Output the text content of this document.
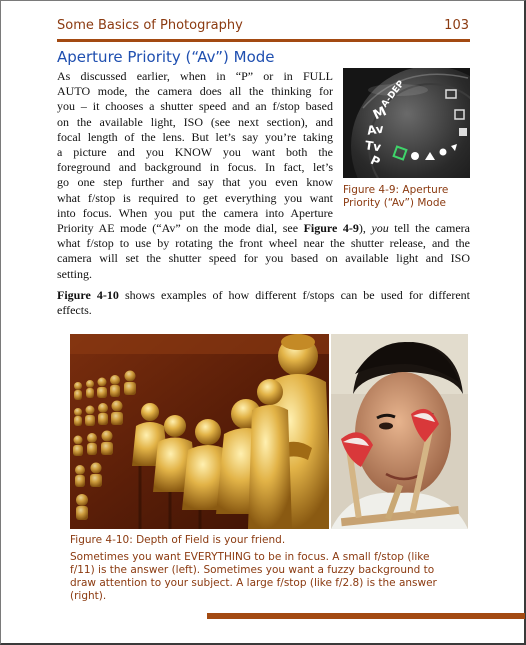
Some Basics of Photography	103
Aperture Priority (“Av”) Mode
As discussed earlier, when in “P” or in FULL
AUTO mode, the camera does all the thinking for
you – it chooses a shutter speed and an f/stop based
on the available light, ISO (see next section), and
focal length of the lens. But let’s say you’re taking
a picture and you KNOW you want both the
foreground and background in focus. In fact, let’s
go one step further and say that you even know
what f/stop is required to get everything you want
into focus. When you put the camera into Aperture
Priority AE mode (“Av” on the mode dial, see Figure 4-9), you tell the camera
what f/stop to use by rotating the front wheel near the shutter release, and the
camera will set the shutter speed for you based on available light and ISO
setting.
Figure 4-10 shows examples of how different f/stops can be used for different
effects.
A-DEP
M
Av
Tv
P
Figure 4-9: Aperture
Priority (“Av”) Mode
Figure 4-10: Depth of Field is your friend.
Sometimes you want EVERYTHING to be in focus. A small f/stop (like
f/11) is the answer (left). Sometimes you want a fuzzy background to
draw attention to your subject. A large f/stop (like f/2.8) is the answer
(right).
